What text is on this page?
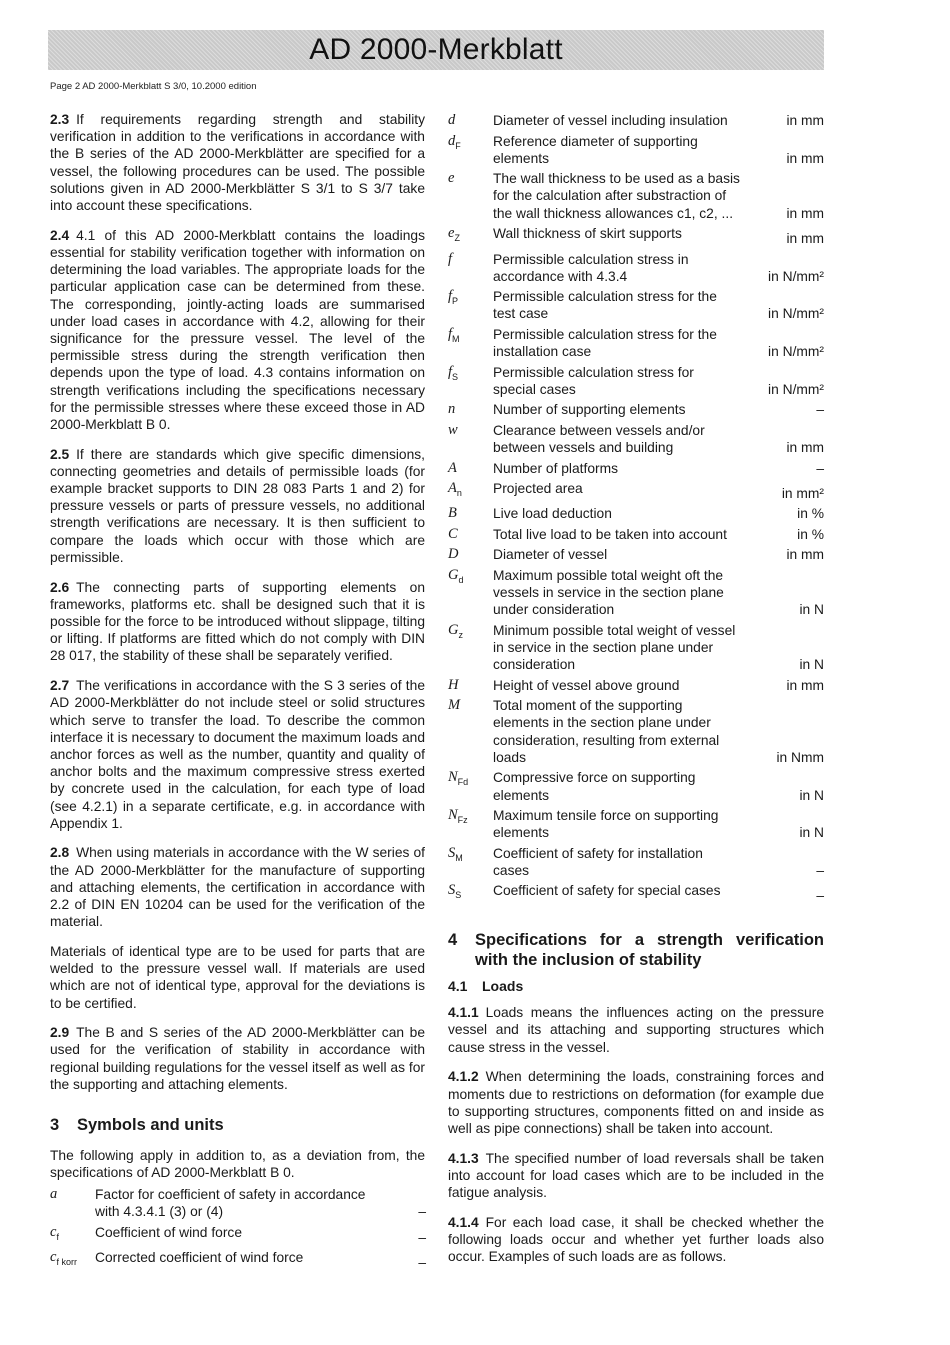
AD 2000-Merkblatt
Page 2 AD 2000-Merkblatt S 3/0, 10.2000 edition

2.3  If requirements regarding strength and stability verification in addition to the verifications in accordance with the B series of the AD 2000-Merkblätter are specified for a vessel, the following procedures can be used. The possible solutions given in AD 2000-Merkblätter S 3/1 to S 3/7 take into account these specifications.

2.4  4.1 of this AD 2000-Merkblatt contains the loadings essential for stability verification together with information on determining the load variables. The appropriate loads for the particular application case can be determined from these. The corresponding, jointly-acting loads are summarised under load cases in accordance with 4.2, allowing for their significance for the pressure vessel. The level of the permissible stress during the strength verification then depends upon the type of load. 4.3 contains information on strength verifications including the specifications necessary for the permissible stresses where these exceed those in AD 2000-Merkblatt B 0.

2.5  If there are standards which give specific dimensions, connecting geometries and details of permissible loads (for example bracket supports to DIN 28 083 Parts 1 and 2) for pressure vessels or parts of pressure vessels, no additional strength verifications are necessary. It is then sufficient to compare the loads which occur with those which are permissible.

2.6  The connecting parts of supporting elements on frameworks, platforms etc. shall be designed such that it is possible for the force to be introduced without slippage, tilting or lifting. If platforms are fitted which do not comply with DIN 28 017, the stability of these shall be separately verified.

2.7  The verifications in accordance with the S 3 series of the AD 2000-Merkblätter do not include steel or solid structures which serve to transfer the load. To describe the common interface it is necessary to document the maximum loads and anchor forces as well as the number, quantity and quality of anchor bolts and the maximum compressive stress exerted by concrete used in the calculation, for each type of load (see 4.2.1) in a separate certificate, e.g. in accordance with Appendix 1.

2.8  When using materials in accordance with the W series of the AD 2000-Merkblätter for the manufacture of supporting and attaching elements, the certification in accordance with 2.2 of DIN EN 10204 can be used for the verification of the material.

Materials of identical type are to be used for parts that are welded to the pressure vessel wall. If materials are used which are not of identical type, approval for the deviations is to be certified.

2.9  The B and S series of the AD 2000-Merkblätter can be used for the verification of stability in accordance with regional building regulations for the vessel itself as well as for the supporting and attaching elements.

3 Symbols and units

The following apply in addition to, as a deviation from, the specifications of AD 2000-Merkblatt B 0.

a	Factor for coefficient of safety in accordance with 4.3.4.1 (3) or (4)	–
$c_f$	Coefficient of wind force	–
$c_{f korr}$	Corrected coefficient of wind force	–
d	Diameter of vessel including insulation	in mm
$d_F$	Reference diameter of supporting elements	in mm
e	The wall thickness to be used as a basis for the calculation after substraction of the wall thickness allowances c1, c2, ...	in mm
$e_Z$	Wall thickness of skirt supports	in mm
f	Permissible calculation stress in accordance with 4.3.4	in N/mm²
$f_P$	Permissible calculation stress for the test case	in N/mm²
$f_M$	Permissible calculation stress for the installation case	in N/mm²
$f_S$	Permissible calculation stress for special cases	in N/mm²
n	Number of supporting elements	–
w	Clearance between vessels and/or between vessels and building	in mm
A	Number of platforms	–
$A_n$	Projected area	in mm²
B	Live load deduction	in %
C	Total live load to be taken into account	in %
D	Diameter of vessel	in mm
$G_d$	Maximum possible total weight oft the vessels in service in the section plane under consideration	in N
$G_z$	Minimum possible total weight of vessel in service in the section plane under consideration	in N
H	Height of vessel above ground	in mm
M	Total moment of the supporting elements in the section plane under consideration, resulting from external loads	in Nmm
$N_{Fd}$	Compressive force on supporting elements	in N
$N_{Fz}$	Maximum tensile force on supporting elements	in N
$S_M$	Coefficient of safety for installation cases	–
$S_S$	Coefficient of safety for special cases	–
4	Specifications for a strength verification with the inclusion of stability
4.1 Loads

4.1.1  Loads means the influences acting on the pressure vessel and its attaching and supporting structures which cause stress in the vessel.

4.1.2  When determining the loads, constraining forces and moments due to restrictions on deformation (for example due to supporting structures, components fitted on and inside as well as pipe connections) shall be taken into account.

4.1.3  The specified number of load reversals shall be taken into account for load cases which are to be included in the fatigue analysis.

4.1.4  For each load case, it shall be checked whether the following loads occur and whether yet further loads also occur. Examples of such loads are as follows.
